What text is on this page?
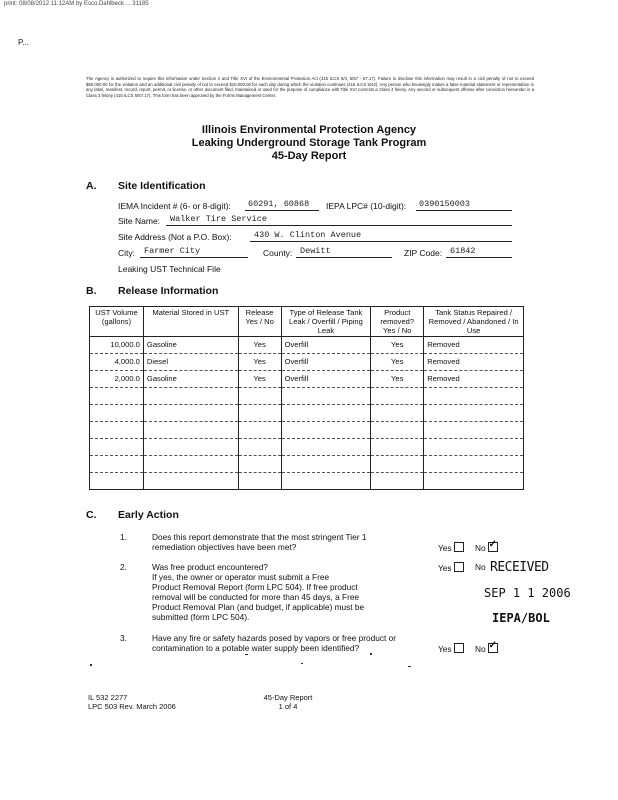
print: 08/08/2012 11:12AM by Esco.Dahlbeck ... 31185
P...
The Agency is authorized to require this information under Section 4 and Title XVI of the Environmental Protection Act (415 ILCS 5/4, 5/57 - 57.17). Failure to disclose this information may result in a civil penalty of not to exceed $50,000.00 for the violation and an additional civil penalty of not to exceed $10,000.00 for each day during which the violation continues (415 ILCS 5/42). Any person who knowingly makes a false material statement or representation in any label, manifest, record, report, permit, or license, or other document filed, maintained or used for the purpose of compliance with Title XVI commits a Class 4 felony. Any second or subsequent offense after conviction hereunder is a Class 3 felony (415 ILCS 5/57.17). This form has been approved by the Forms Management Center.
Illinois Environmental Protection Agency
Leaking Underground Storage Tank Program
45-Day Report
A. Site Identification
IEMA Incident # (6- or 8-digit): 60291, 60868 IEPA LPC# (10-digit): 0390150003
Site Name: Walker Tire Service
Site Address (Not a P.O. Box):	430 W. Clinton Avenue
City: Farmer City	County: Dewitt	ZIP Code: 61842
Leaking UST Technical File
B. Release Information
UST Volume (gallons)	Material Stored in UST	Release Yes / No	Type of Release Tank Leak / Overfill / Piping Leak	Product removed? Yes / No	Tank Status Repaired / Removed / Abandoned / In Use
10,000.0	Gasoline	Yes	Overfill	Yes	Removed
4,000.0	Diesel	Yes	Overfill	Yes	Removed
2,000.0	Gasoline	Yes	Overfill	Yes	Removed

C. Early Action
1.	Does this report demonstrate that the most stringent Tier 1
remediation objectives have been met?	Yes	No✓
2.	Was free product encountered?
If yes, the owner or operator must submit a Free
Product Removal Report (form LPC 504). If free product
removal will be conducted for more than 45 days, a Free
Product Removal Plan (and budget, if applicable) must be
submitted (form LPC 504).
Yes	No RECEIVED
SEP 1 1 2006
IEPA/BOL
3.	Have any fire or safety hazards posed by vapors or free product or
contamination to a potable water supply been identified?	Yes	No✓
IL 532 2277
LPC 503 Rev. March 2006
45-Day Report
1 of 4
